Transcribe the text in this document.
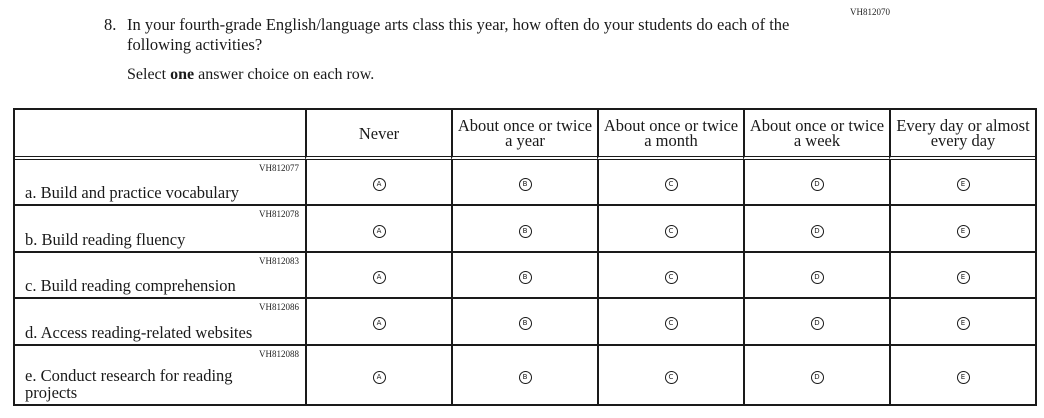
VH812070
8. In your fourth-grade English/language arts class this year, how often do your students do each of the following activities?
Select one answer choice on each row.
	Never	About once or twice a year	About once or twice a month	About once or twice a week	Every day or almost every day

VH812077
a. Build and practice vocabulary	A	B	C	D	E

VH812078
b. Build reading fluency	A	B	C	D	E

VH812083
c. Build reading comprehension	A	B	C	D	E

VH812086
d. Access reading-related websites	A	B	C	D	E

VH812088
e. Conduct research for reading projects	A	B	C	D	E
